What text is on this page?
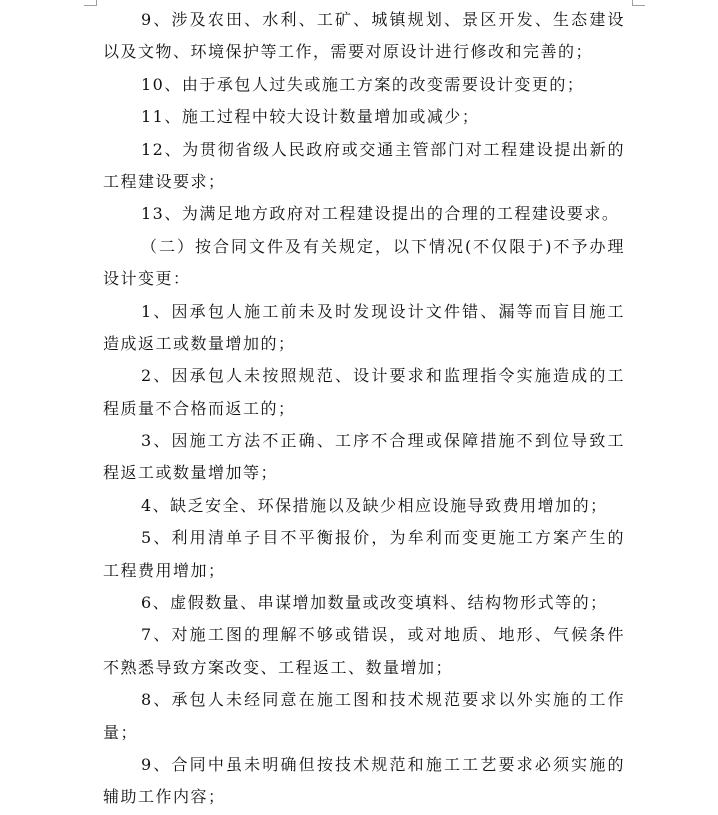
9、涉及农田、水利、工矿、城镇规划、景区开发、生态建设
以及文物、环境保护等工作，需要对原设计进行修改和完善的；
10、由于承包人过失或施工方案的改变需要设计变更的；
11、施工过程中较大设计数量增加或减少；
12、为贯彻省级人民政府或交通主管部门对工程建设提出新的
工程建设要求；
13、为满足地方政府对工程建设提出的合理的工程建设要求。
（二）按合同文件及有关规定，以下情况(不仅限于)不予办理
设计变更：
1、因承包人施工前未及时发现设计文件错、漏等而盲目施工
造成返工或数量增加的；
2、因承包人未按照规范、设计要求和监理指令实施造成的工
程质量不合格而返工的；
3、因施工方法不正确、工序不合理或保障措施不到位导致工
程返工或数量增加等；
4、缺乏安全、环保措施以及缺少相应设施导致费用增加的；
5、利用清单子目不平衡报价，为牟利而变更施工方案产生的
工程费用增加；
6、虚假数量、串谋增加数量或改变填料、结构物形式等的；
7、对施工图的理解不够或错误，或对地质、地形、气候条件
不熟悉导致方案改变、工程返工、数量增加；
8、承包人未经同意在施工图和技术规范要求以外实施的工作
量；
9、合同中虽未明确但按技术规范和施工工艺要求必须实施的
辅助工作内容；
